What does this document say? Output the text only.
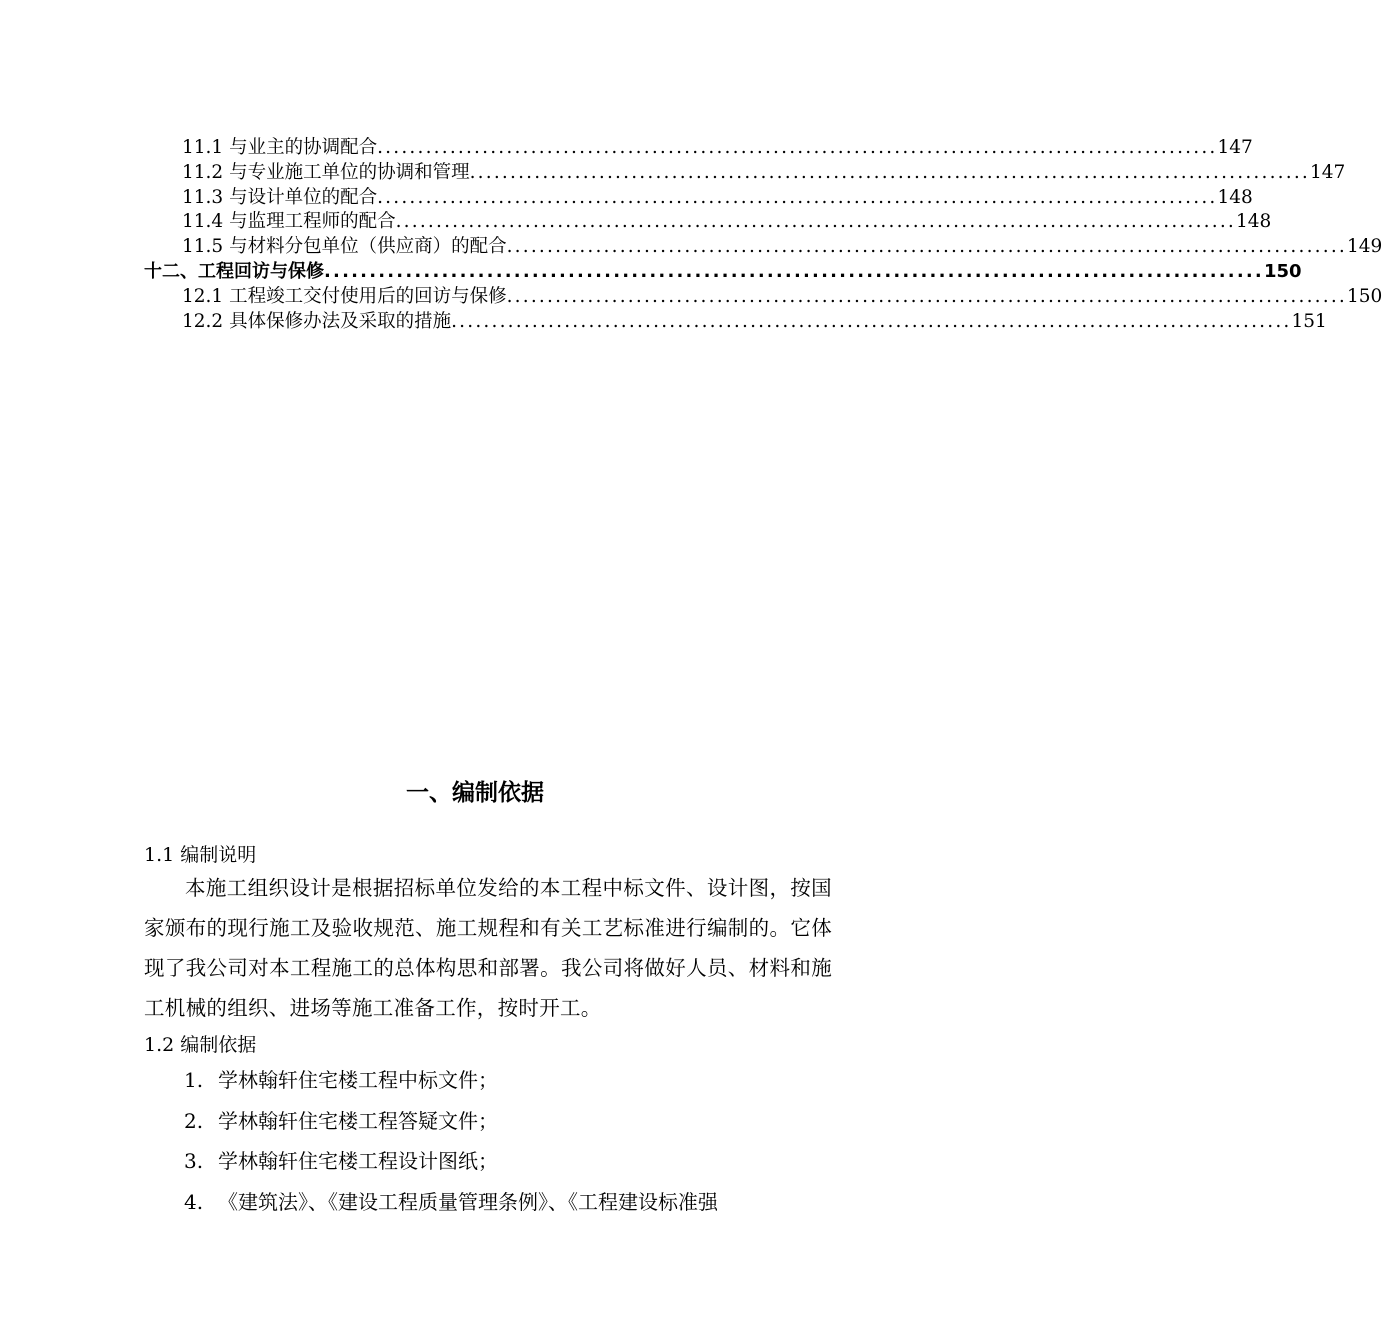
11.1 与业主的协调配合 ........................................................................................................ 147
11.2 与专业施工单位的协调和管理 ........................................................................................................ 147
11.3 与设计单位的配合 ........................................................................................................ 148
11.4 与监理工程师的配合 ........................................................................................................ 148
11.5 与材料分包单位（供应商）的配合 ........................................................................................................ 149
十二、工程回访与保修 ........................................................................................................ 150
12.1 工程竣工交付使用后的回访与保修 ........................................................................................................ 150
12.2 具体保修办法及采取的措施 ........................................................................................................ 151
一、编制依据
1.1 编制说明
本施工组织设计是根据招标单位发给的本工程中标文件、设计图，按国家颁布的现行施工及验收规范、施工规程和有关工艺标准进行编制的。它体现了我公司对本工程施工的总体构思和部署。我公司将做好人员、材料和施工机械的组织、进场等施工准备工作，按时开工。
1.2 编制依据
1. 学林翰轩住宅楼工程中标文件；
2. 学林翰轩住宅楼工程答疑文件；
3. 学林翰轩住宅楼工程设计图纸；
4. 《建筑法》、《建设工程质量管理条例》、《工程建设标准强
